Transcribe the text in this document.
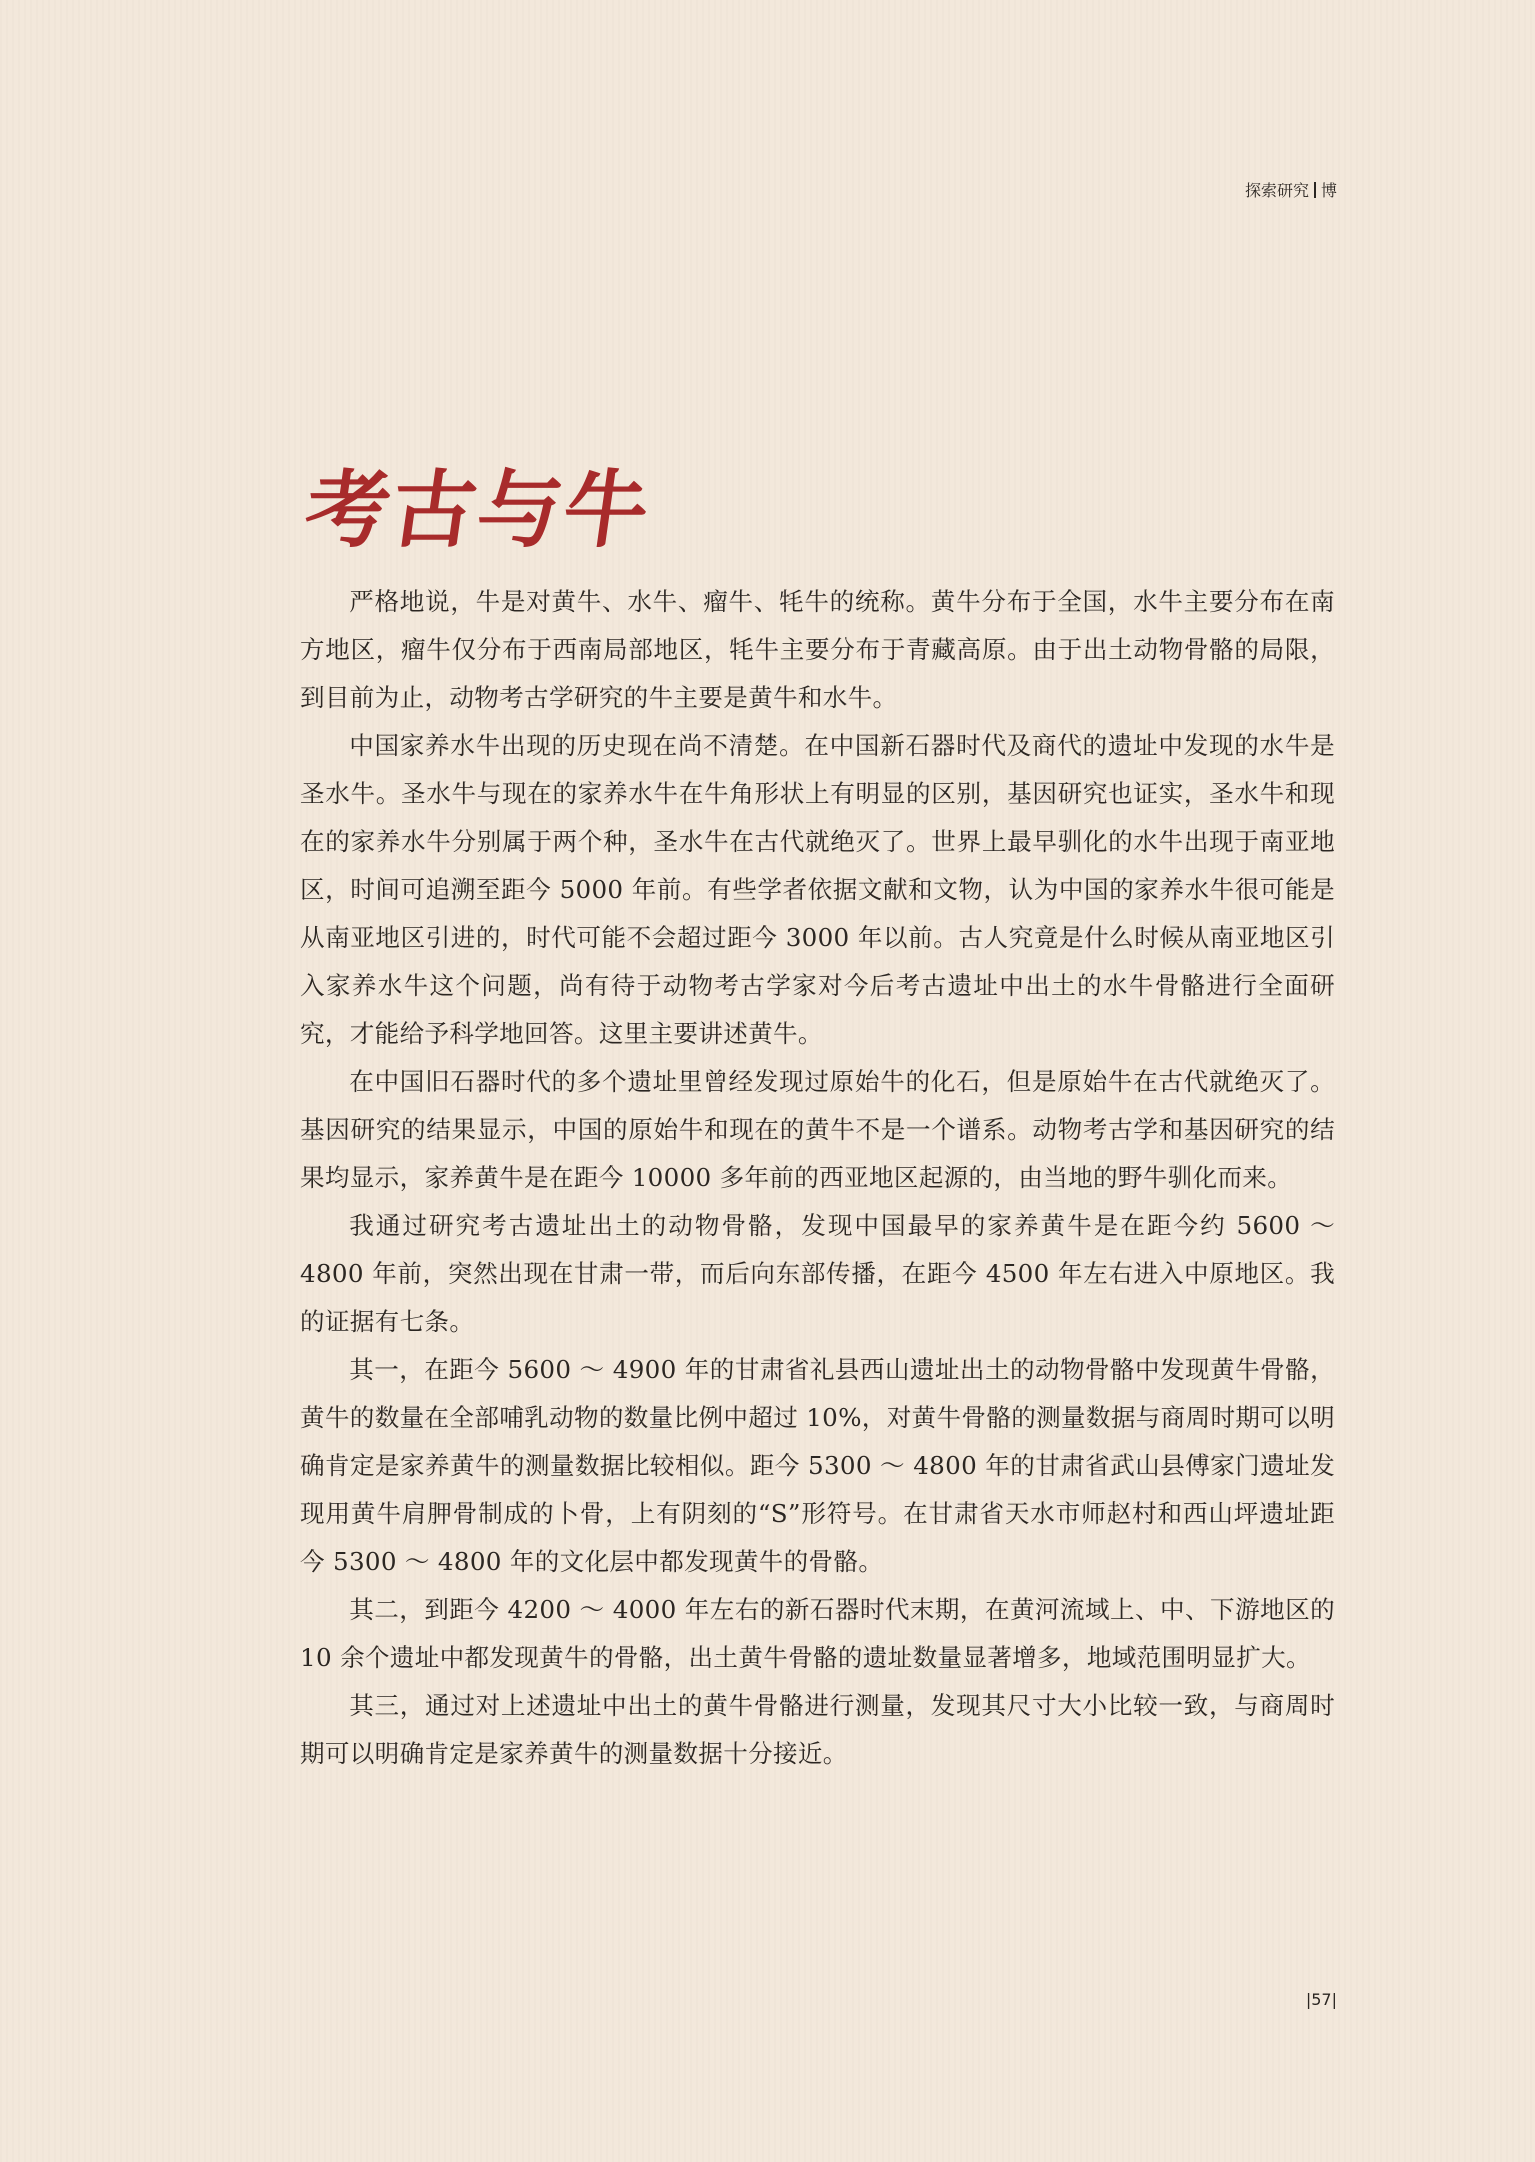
探索研究 博
考古与牛

严格地说，牛是对黄牛、水牛、瘤牛、牦牛的统称。黄牛分布于全国，水牛主要分布在南方地区，瘤牛仅分布于西南局部地区，牦牛主要分布于青藏高原。由于出土动物骨骼的局限，到目前为止，动物考古学研究的牛主要是黄牛和水牛。

中国家养水牛出现的历史现在尚不清楚。在中国新石器时代及商代的遗址中发现的水牛是圣水牛。圣水牛与现在的家养水牛在牛角形状上有明显的区别，基因研究也证实，圣水牛和现在的家养水牛分别属于两个种，圣水牛在古代就绝灭了。世界上最早驯化的水牛出现于南亚地区，时间可追溯至距今 5000 年前。有些学者依据文献和文物，认为中国的家养水牛很可能是从南亚地区引进的，时代可能不会超过距今 3000 年以前。古人究竟是什么时候从南亚地区引入家养水牛这个问题，尚有待于动物考古学家对今后考古遗址中出土的水牛骨骼进行全面研究，才能给予科学地回答。这里主要讲述黄牛。

在中国旧石器时代的多个遗址里曾经发现过原始牛的化石，但是原始牛在古代就绝灭了。基因研究的结果显示，中国的原始牛和现在的黄牛不是一个谱系。动物考古学和基因研究的结果均显示，家养黄牛是在距今 10000 多年前的西亚地区起源的，由当地的野牛驯化而来。

我通过研究考古遗址出土的动物骨骼，发现中国最早的家养黄牛是在距今约 5600 ～ 4800 年前，突然出现在甘肃一带，而后向东部传播，在距今 4500 年左右进入中原地区。我的证据有七条。

其一，在距今 5600 ～ 4900 年的甘肃省礼县西山遗址出土的动物骨骼中发现黄牛骨骼，黄牛的数量在全部哺乳动物的数量比例中超过 10%，对黄牛骨骼的测量数据与商周时期可以明确肯定是家养黄牛的测量数据比较相似。距今 5300 ～ 4800 年的甘肃省武山县傅家门遗址发现用黄牛肩胛骨制成的卜骨，上有阴刻的“S”形符号。在甘肃省天水市师赵村和西山坪遗址距今 5300 ～ 4800 年的文化层中都发现黄牛的骨骼。

其二，到距今 4200 ～ 4000 年左右的新石器时代末期，在黄河流域上、中、下游地区的 10 余个遗址中都发现黄牛的骨骼，出土黄牛骨骼的遗址数量显著增多，地域范围明显扩大。

其三，通过对上述遗址中出土的黄牛骨骼进行测量，发现其尺寸大小比较一致，与商周时期可以明确肯定是家养黄牛的测量数据十分接近。

|57|
